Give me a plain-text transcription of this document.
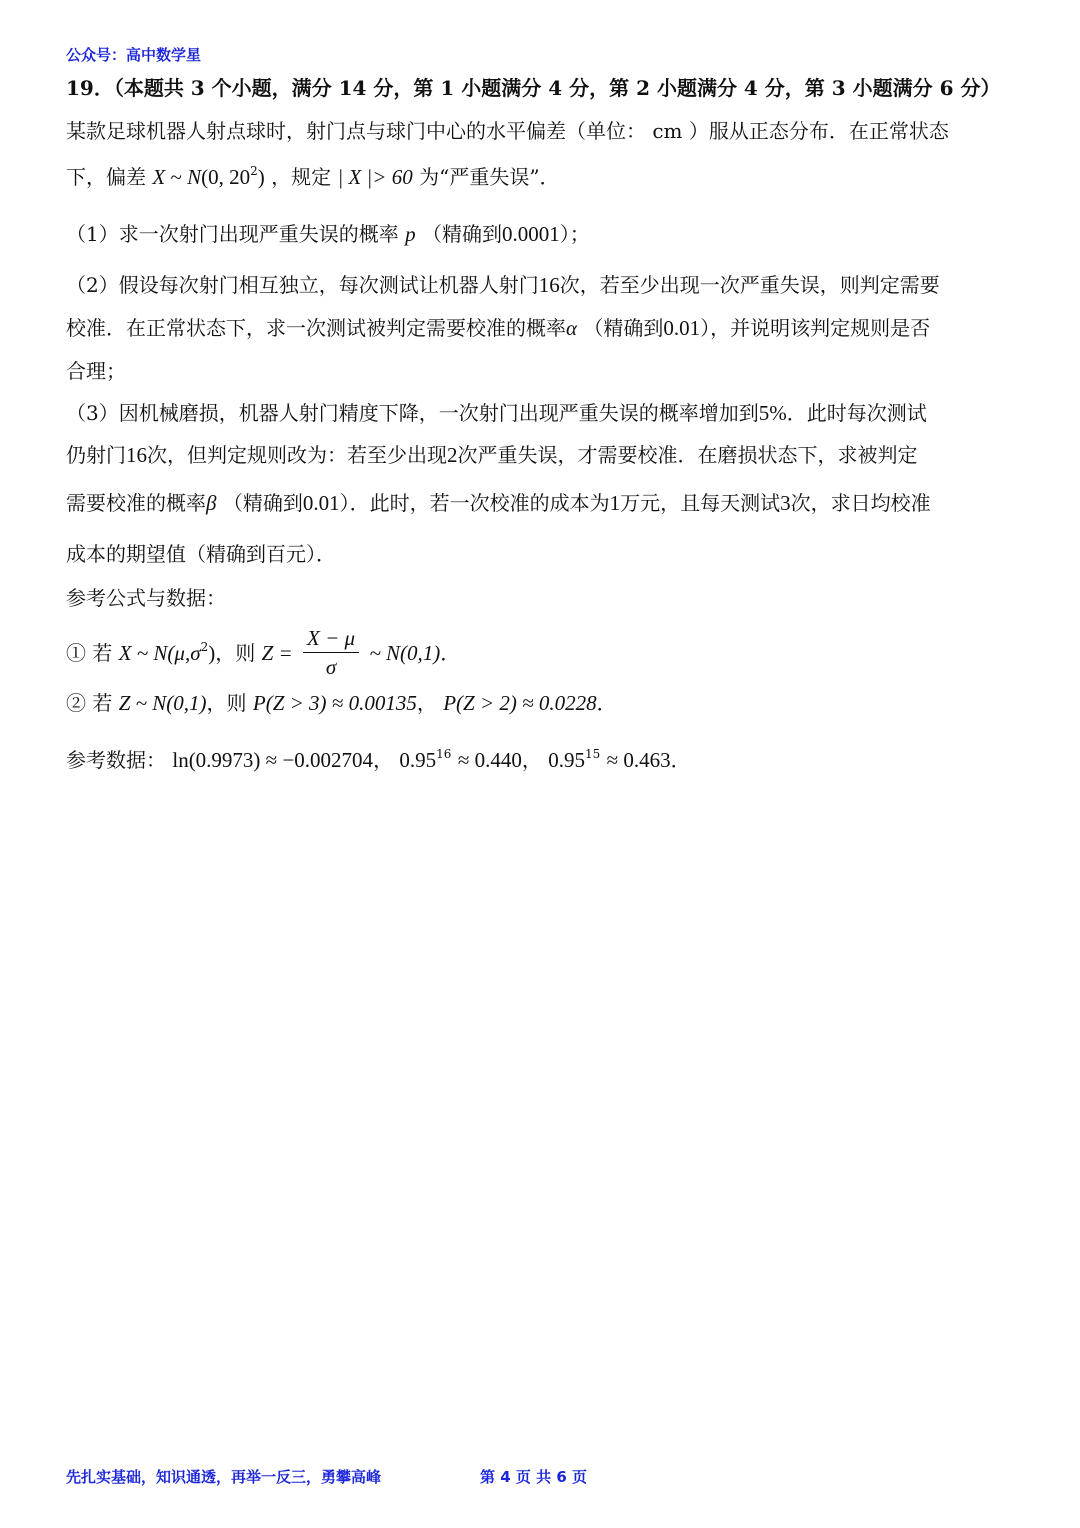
公众号：高中数学星
19．（本题共 3 个小题，满分 14 分，第 1 小题满分 4 分，第 2 小题满分 4 分，第 3 小题满分 6 分）
某款足球机器人射点球时，射门点与球门中心的水平偏差（单位： cm ）服从正态分布．在正常状态
下，偏差 X ~ N(0, $20^2$) ，规定 | X |> 60 为“严重失误”．
（1）求一次射门出现严重失误的概率 p （精确到0.0001）；
（2）假设每次射门相互独立，每次测试让机器人射门16次，若至少出现一次严重失误，则判定需要
校准．在正常状态下，求一次测试被判定需要校准的概率α （精确到0.01），并说明该判定规则是否
合理；
（3）因机械磨损，机器人射门精度下降，一次射门出现严重失误的概率增加到5%．此时每次测试
仍射门16次，但判定规则改为：若至少出现2次严重失误，才需要校准．在磨损状态下，求被判定
需要校准的概率β （精确到0.01）．此时，若一次校准的成本为1万元，且每天测试3次，求日均校准
成本的期望值（精确到百元）．
参考公式与数据：
① 若 X ~ $N(\mu,\sigma^2)$，则 $Z = \frac{X - \mu}{\sigma}$ ~ N(0,1)．
② 若 Z ~ N(0,1)，则 P(Z > 3) ≈ 0.00135， P(Z > 2) ≈ 0.0228．
参考数据： ln(0.9973) ≈ −0.002704， $0.95^{16} \approx 0.440$， $0.95^{15} \approx 0.463$．
先扎实基础，知识通透，再举一反三，勇攀高峰	第 4 页 共 6 页
